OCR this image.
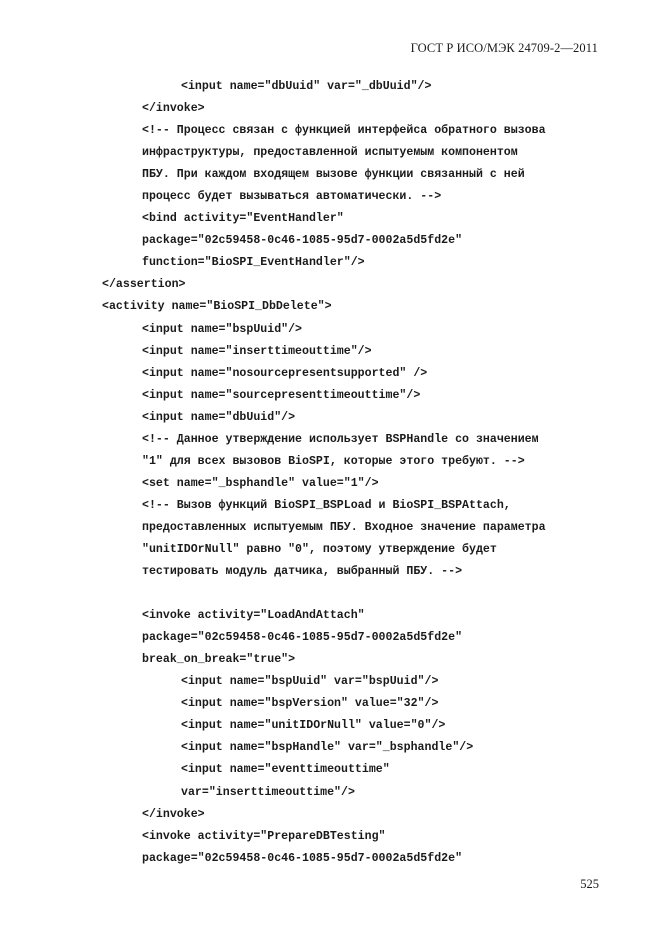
ГОСТ Р ИСО/МЭК 24709-2—2011
<input name="dbUuid" var="_dbUuid"/>
</invoke>
<!-- Процесс связан с функцией интерфейса обратного вызова
инфраструктуры, предоставленной испытуемым компонентом
ПБУ. При каждом входящем вызове функции связанный с ней
процесс будет вызываться автоматически. -->
<bind activity="EventHandler"
package="02c59458-0c46-1085-95d7-0002a5d5fd2e"
function="BioSPI_EventHandler"/>
</assertion>
<activity name="BioSPI_DbDelete">
<input name="bspUuid"/>
<input name="inserttimeouttime"/>
<input name="nosourcepresentsupported" />
<input name="sourcepresenttimeouttime"/>
<input name="dbUuid"/>
<!-- Данное утверждение использует BSPHandle со значением
"1" для всех вызовов BioSPI, которые этого требуют. -->
<set name="_bsphandle" value="1"/>
<!-- Вызов функций BioSPI_BSPLoad и BioSPI_BSPAttach,
предоставленных испытуемым ПБУ. Входное значение параметра
"unitIDOrNull" равно "0", поэтому утверждение будет
тестировать модуль датчика, выбранный ПБУ. -->
<invoke activity="LoadAndAttach"
package="02c59458-0c46-1085-95d7-0002a5d5fd2e"
break_on_break="true">
<input name="bspUuid" var="bspUuid"/>
<input name="bspVersion" value="32"/>
<input name="unitIDOrNull" value="0"/>
<input name="bspHandle" var="_bsphandle"/>
<input name="eventtimeouttime"
var="inserttimeouttime"/>
</invoke>
<invoke activity="PrepareDBTesting"
package="02c59458-0c46-1085-95d7-0002a5d5fd2e"
525
